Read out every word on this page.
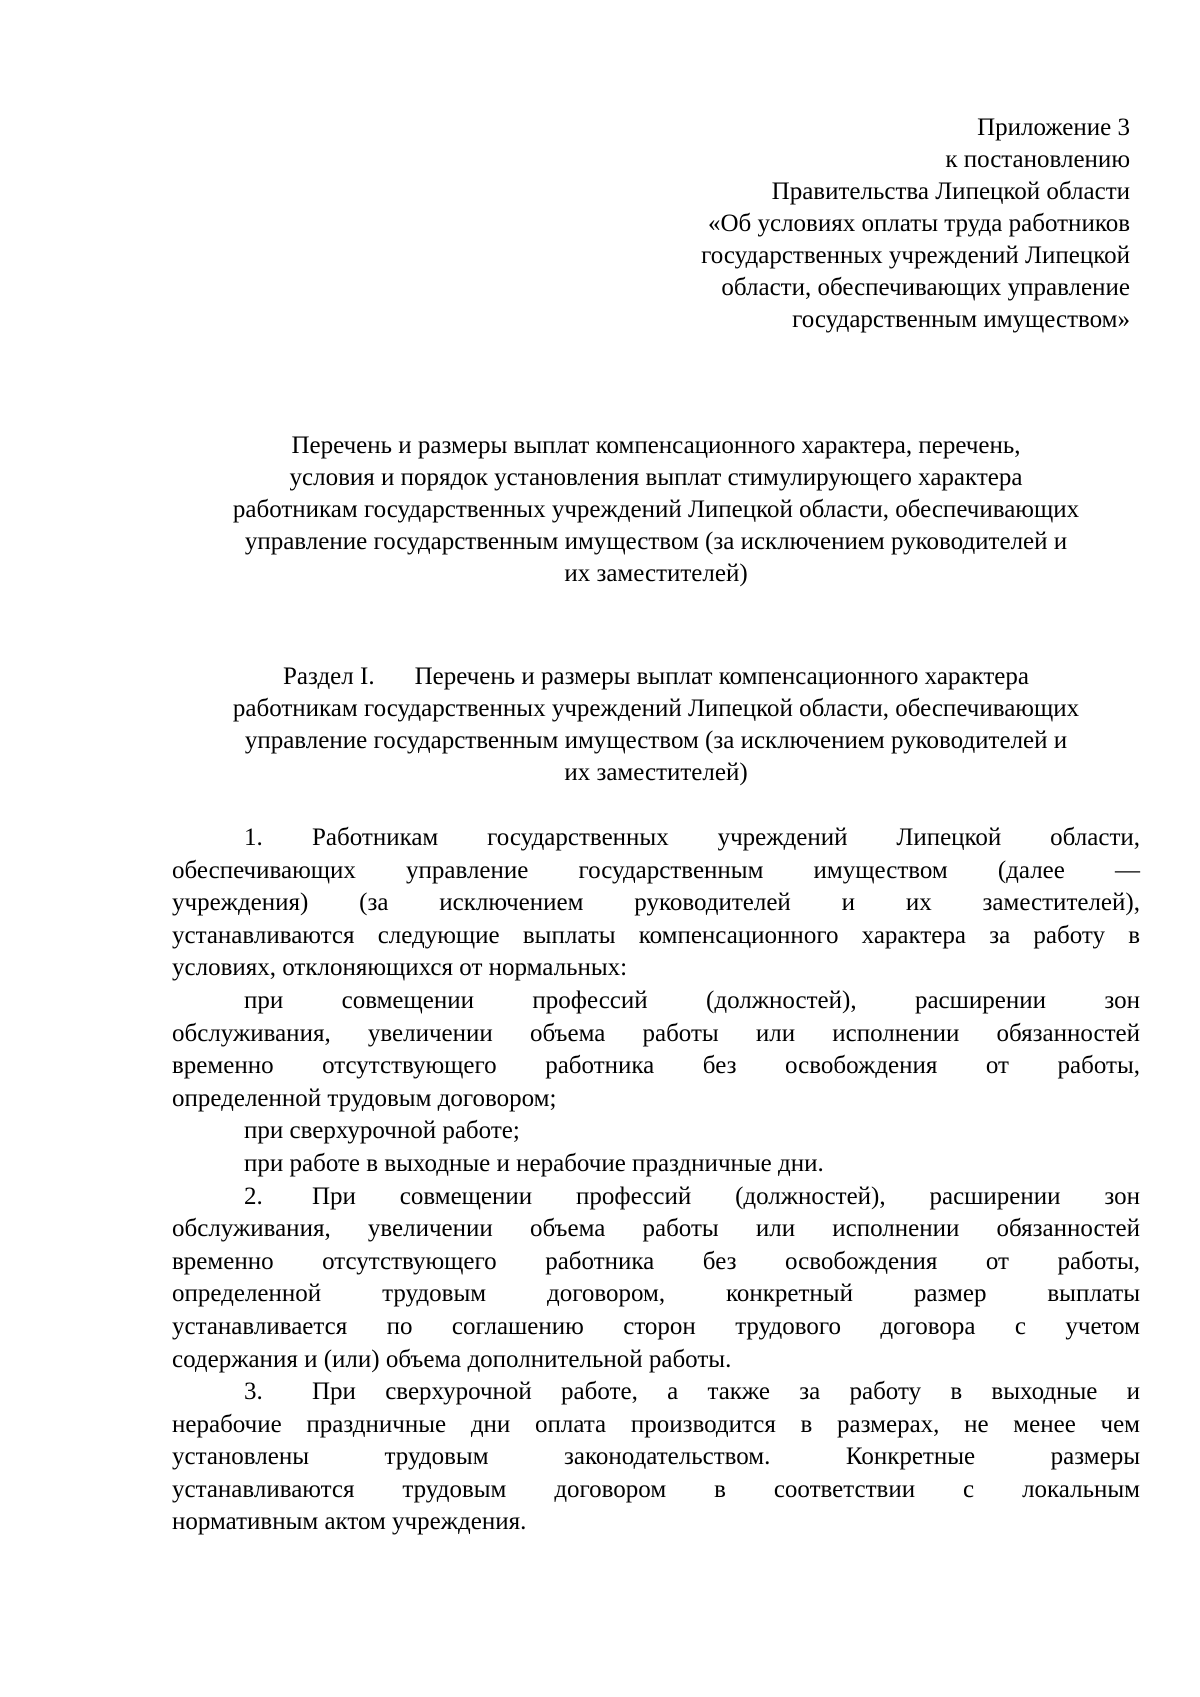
Приложение 3
к постановлению
Правительства Липецкой области
«Об условиях оплаты труда работников
государственных учреждений Липецкой
области, обеспечивающих управление
государственным имуществом»
Перечень и размеры выплат компенсационного характера, перечень,
условия и порядок установления выплат стимулирующего характера
работникам государственных учреждений Липецкой области, обеспечивающих
управление государственным имуществом (за исключением руководителей и
их заместителей)
Раздел I. Перечень и размеры выплат компенсационного характера
работникам государственных учреждений Липецкой области, обеспечивающих
управление государственным имуществом (за исключением руководителей и
их заместителей)
1.	Работникам государственных учреждений Липецкой области,
обеспечивающих управление государственным имуществом (далее —
учреждения) (за исключением руководителей и их заместителей),
устанавливаются следующие выплаты компенсационного характера за работу в
условиях, отклоняющихся от нормальных:
при совмещении профессий (должностей), расширении зон
обслуживания, увеличении объема работы или исполнении обязанностей
временно отсутствующего работника без освобождения от работы,
определенной трудовым договором;
при сверхурочной работе;
при работе в выходные и нерабочие праздничные дни.
2.	При совмещении профессий (должностей), расширении зон
обслуживания, увеличении объема работы или исполнении обязанностей
временно отсутствующего работника без освобождения от работы,
определенной трудовым договором, конкретный размер выплаты
устанавливается по соглашению сторон трудового договора с учетом
содержания и (или) объема дополнительной работы.
3.	При сверхурочной работе, а также за работу в выходные и
нерабочие праздничные дни оплата производится в размерах, не менее чем
установлены трудовым законодательством. Конкретные размеры
устанавливаются трудовым договором в соответствии с локальным
нормативным актом учреждения.
